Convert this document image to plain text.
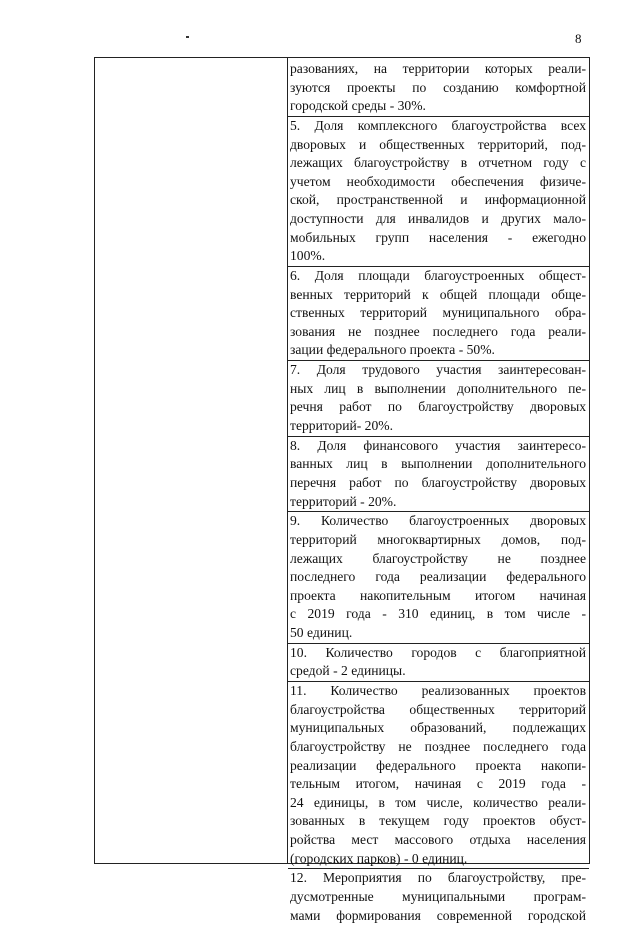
8
разованиях, на территории которых реали-
зуются проекты по созданию комфортной
городской среды - 30%.
5. Доля комплексного благоустройства всех
дворовых и общественных территорий, под-
лежащих благоустройству в отчетном году с
учетом необходимости обеспечения физиче-
ской, пространственной и информационной
доступности для инвалидов и других мало-
мобильных групп населения - ежегодно
100%.
6. Доля площади благоустроенных общест-
венных территорий к общей площади обще-
ственных территорий муниципального обра-
зования не позднее последнего года реали-
зации федерального проекта - 50%.
7. Доля трудового участия заинтересован-
ных лиц в выполнении дополнительного пе-
речня работ по благоустройству дворовых
территорий- 20%.
8. Доля финансового участия заинтересо-
ванных лиц в выполнении дополнительного
перечня работ по благоустройству дворовых
территорий - 20%.
9. Количество благоустроенных дворовых
территорий многоквартирных домов, под-
лежащих благоустройству не позднее
последнего года реализации федерального
проекта накопительным итогом начиная
с 2019 года - 310 единиц, в том числе -
50 единиц.
10. Количество городов с благоприятной
средой - 2 единицы.
11. Количество реализованных проектов
благоустройства общественных территорий
муниципальных образований, подлежащих
благоустройству не позднее последнего года
реализации федерального проекта накопи-
тельным итогом, начиная с 2019 года -
24 единицы, в том числе, количество реали-
зованных в текущем году проектов обуст-
ройства мест массового отдыха населения
(городских парков) - 0 единиц.
12. Мероприятия по благоустройству, пре-
дусмотренные муниципальными програм-
мами формирования современной городской
